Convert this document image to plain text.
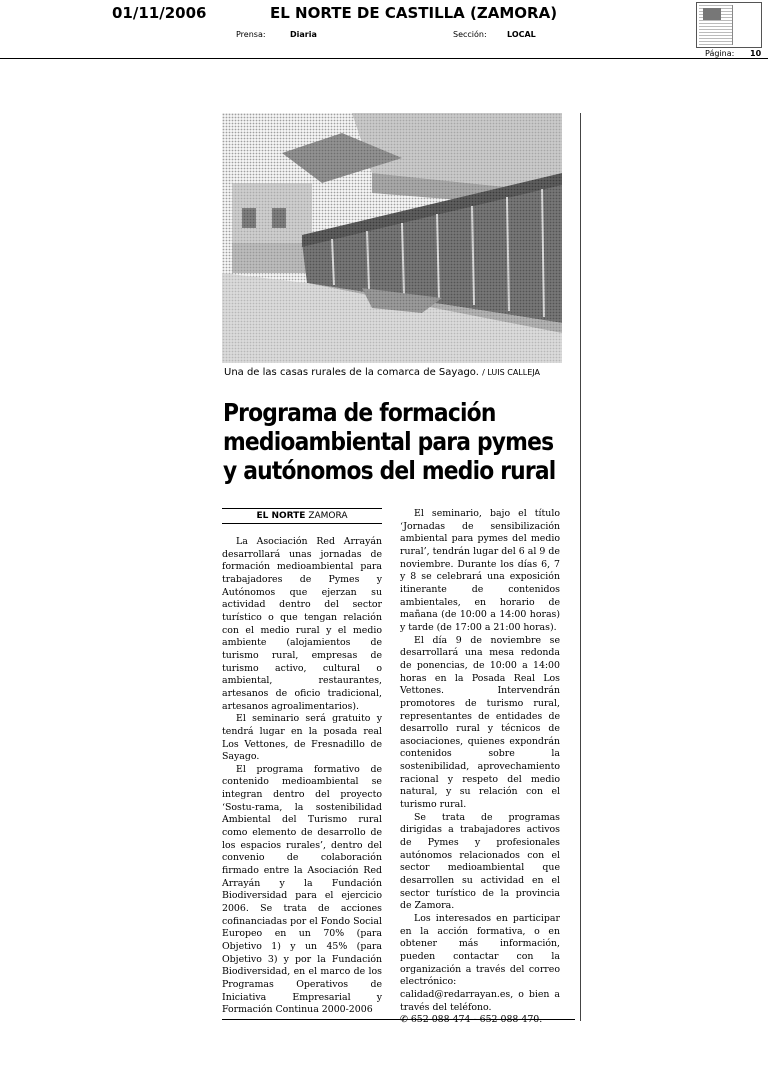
01/11/2006	EL NORTE DE CASTILLA (ZAMORA)
Prensa:	Diaria	Sección:	LOCAL
Página: 10
Una de las casas rurales de la comarca de Sayago. / LUIS CALLEJA
Programa de formación
medioambiental para pymes
y autónomos del medio rural
EL NORTE ZAMORA

La Asociación Red Arrayán desarrollará unas jornadas de formación medioambiental para trabajadores de Pymes y Autónomos que ejerzan su actividad dentro del sector turístico o que tengan relación con el medio rural y el medio ambiente (alojamientos de turismo rural, empresas de turismo activo, cultural o ambiental, restaurantes, artesanos de oficio tradicional, artesanos agroalimentarios).

El seminario será gratuito y tendrá lugar en la posada real Los Vettones, de Fresnadillo de Sayago.

El programa formativo de contenido medioambiental se integran dentro del proyecto ‘Sostu-rama, la sostenibilidad Ambiental del Turismo rural como elemento de desarrollo de los espacios rurales’, dentro del convenio de colaboración firmado entre la Asociación Red Arrayán y la Fundación Biodiversidad para el ejercicio 2006. Se trata de acciones cofinanciadas por el Fondo Social Europeo en un 70% (para Objetivo 1) y un 45% (para Objetivo 3) y por la Fundación Biodiversidad, en el marco de los Programas Operativos de Iniciativa Empresarial y Formación Continua 2000-2006

El seminario, bajo el título ‘Jornadas de sensibilización ambiental para pymes del medio rural’, tendrán lugar del 6 al 9 de noviembre. Durante los días 6, 7 y 8 se celebrará una exposición itinerante de contenidos ambientales, en horario de mañana (de 10:00 a 14:00 horas) y tarde (de 17:00 a 21:00 horas).

El día 9 de noviembre se desarrollará una mesa redonda de ponencias, de 10:00 a 14:00 horas en la Posada Real Los Vettones. Intervendrán promotores de turismo rural, representantes de entidades de desarrollo rural y técnicos de asociaciones, quienes expondrán contenidos sobre la sostenibilidad, aprovechamiento racional y respeto del medio natural, y su relación con el turismo rural.

Se trata de programas dirigidas a trabajadores activos de Pymes y profesionales autónomos relacionados con el sector medioambiental que desarrollen su actividad en el sector turístico de la provincia de Zamora.

Los interesados en participar en la acción formativa, o en obtener más información, pueden contactar con la organización a través del correo electrónico: calidad@redarrayan.es, o bien a través del teléfono.

✆ 652 088 474 - 652 088 470.
